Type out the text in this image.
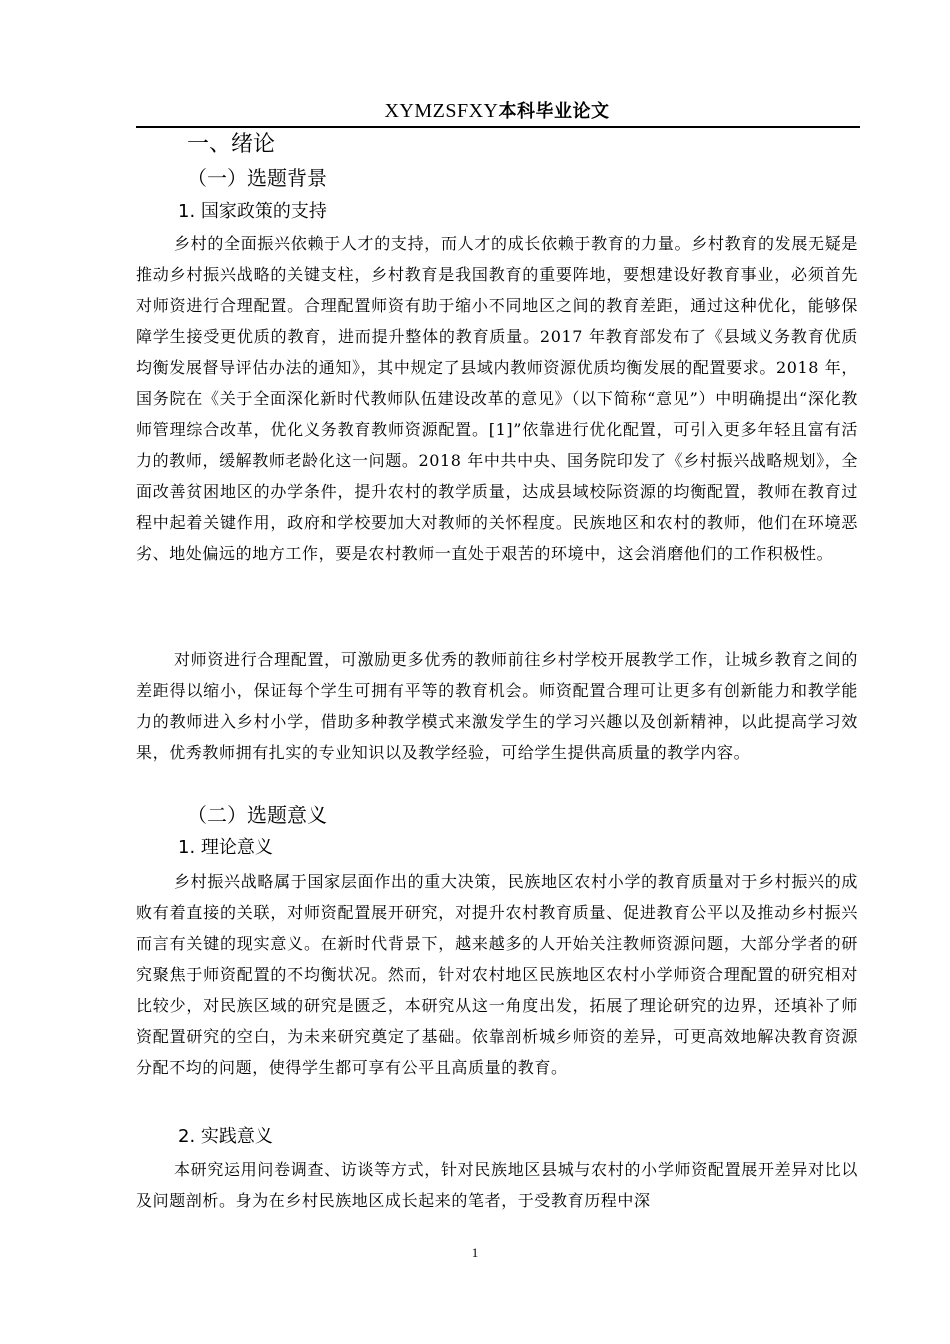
XYMZSFXY本科毕业论文
一、绪论
（一）选题背景
1. 国家政策的支持

乡村的全面振兴依赖于人才的支持，而人才的成长依赖于教育的力量。乡村教育的发展无疑是推动乡村振兴战略的关键支柱，乡村教育是我国教育的重要阵地，要想建设好教育事业，必须首先对师资进行合理配置。合理配置师资有助于缩小不同地区之间的教育差距，通过这种优化，能够保障学生接受更优质的教育，进而提升整体的教育质量。2017 年教育部发布了《县域义务教育优质均衡发展督导评估办法的通知》，其中规定了县域内教师资源优质均衡发展的配置要求。2018 年，国务院在《关于全面深化新时代教师队伍建设改革的意见》（以下简称“意见”）中明确提出“深化教师管理综合改革，优化义务教育教师资源配置。[1]”依靠进行优化配置，可引入更多年轻且富有活力的教师，缓解教师老龄化这一问题。2018 年中共中央、国务院印发了《乡村振兴战略规划》，全面改善贫困地区的办学条件，提升农村的教学质量，达成县域校际资源的均衡配置，教师在教育过程中起着关键作用，政府和学校要加大对教师的关怀程度。民族地区和农村的教师，他们在环境恶劣、地处偏远的地方工作，要是农村教师一直处于艰苦的环境中，这会消磨他们的工作积极性。

对师资进行合理配置，可激励更多优秀的教师前往乡村学校开展教学工作，让城乡教育之间的差距得以缩小，保证每个学生可拥有平等的教育机会。师资配置合理可让更多有创新能力和教学能力的教师进入乡村小学，借助多种教学模式来激发学生的学习兴趣以及创新精神，以此提高学习效果，优秀教师拥有扎实的专业知识以及教学经验，可给学生提供高质量的教学内容。

（二）选题意义
1. 理论意义

乡村振兴战略属于国家层面作出的重大决策，民族地区农村小学的教育质量对于乡村振兴的成败有着直接的关联，对师资配置展开研究，对提升农村教育质量、促进教育公平以及推动乡村振兴而言有关键的现实意义。在新时代背景下，越来越多的人开始关注教师资源问题，大部分学者的研究聚焦于师资配置的不均衡状况。然而，针对农村地区民族地区农村小学师资合理配置的研究相对比较少，对民族区域的研究是匮乏，本研究从这一角度出发，拓展了理论研究的边界，还填补了师资配置研究的空白，为未来研究奠定了基础。依靠剖析城乡师资的差异，可更高效地解决教育资源分配不均的问题，使得学生都可享有公平且高质量的教育。

2. 实践意义

本研究运用问卷调查、访谈等方式，针对民族地区县城与农村的小学师资配置展开差异对比以及问题剖析。身为在乡村民族地区成长起来的笔者，于受教育历程中深

1
